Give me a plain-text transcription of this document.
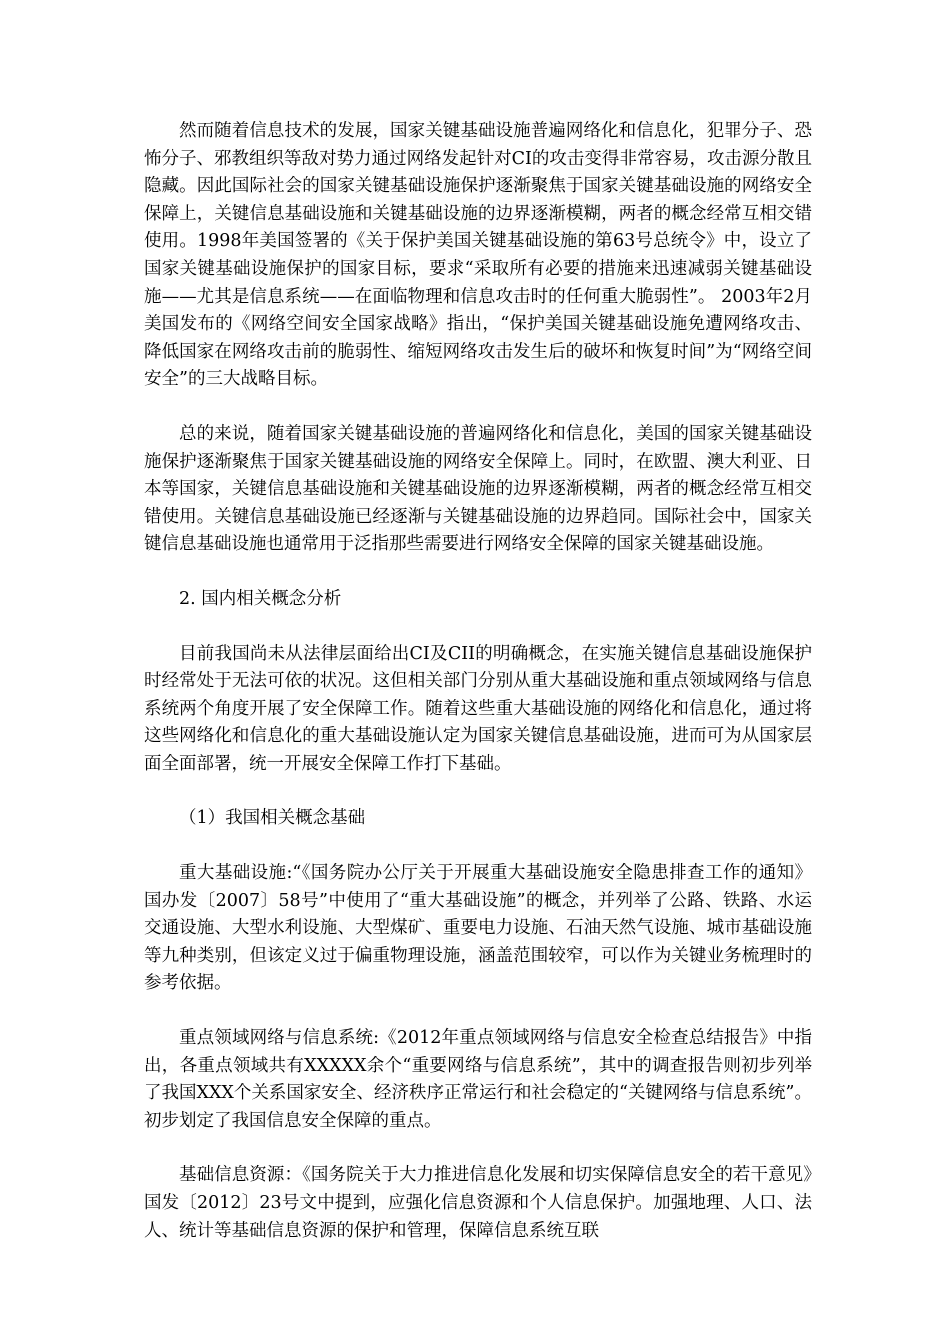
然而随着信息技术的发展，国家关键基础设施普遍网络化和信息化，犯罪分子、恐怖分子、邪教组织等敌对势力通过网络发起针对CI的攻击变得非常容易，攻击源分散且隐藏。因此国际社会的国家关键基础设施保护逐渐聚焦于国家关键基础设施的网络安全保障上，关键信息基础设施和关键基础设施的边界逐渐模糊，两者的概念经常互相交错使用。1998年美国签署的《关于保护美国关键基础设施的第63号总统令》中，设立了国家关键基础设施保护的国家目标，要求“采取所有必要的措施来迅速减弱关键基础设施——尤其是信息系统——在面临物理和信息攻击时的任何重大脆弱性”。 2003年2月美国发布的《网络空间安全国家战略》指出，“保护美国关键基础设施免遭网络攻击、降低国家在网络攻击前的脆弱性、缩短网络攻击发生后的破坏和恢复时间”为“网络空间安全”的三大战略目标。

总的来说，随着国家关键基础设施的普遍网络化和信息化，美国的国家关键基础设施保护逐渐聚焦于国家关键基础设施的网络安全保障上。同时，在欧盟、澳大利亚、日本等国家，关键信息基础设施和关键基础设施的边界逐渐模糊，两者的概念经常互相交错使用。关键信息基础设施已经逐渐与关键基础设施的边界趋同。国际社会中，国家关键信息基础设施也通常用于泛指那些需要进行网络安全保障的国家关键基础设施。

2. 国内相关概念分析

目前我国尚未从法律层面给出CI及CII的明确概念，在实施关键信息基础设施保护时经常处于无法可依的状况。这但相关部门分别从重大基础设施和重点领域网络与信息系统两个角度开展了安全保障工作。随着这些重大基础设施的网络化和信息化，通过将这些网络化和信息化的重大基础设施认定为国家关键信息基础设施，进而可为从国家层面全面部署，统一开展安全保障工作打下基础。

（1）我国相关概念基础

重大基础设施:“《国务院办公厅关于开展重大基础设施安全隐患排查工作的通知》国办发〔2007〕58号”中使用了“重大基础设施”的概念，并列举了公路、铁路、水运交通设施、大型水利设施、大型煤矿、重要电力设施、石油天然气设施、城市基础设施等九种类别，但该定义过于偏重物理设施，涵盖范围较窄，可以作为关键业务梳理时的参考依据。

重点领域网络与信息系统:《2012年重点领域网络与信息安全检查总结报告》中指出，各重点领域共有XXXXX余个“重要网络与信息系统”，其中的调查报告则初步列举了我国XXX个关系国家安全、经济秩序正常运行和社会稳定的“关键网络与信息系统”。初步划定了我国信息安全保障的重点。

基础信息资源：《国务院关于大力推进信息化发展和切实保障信息安全的若干意见》国发〔2012〕23号文中提到，应强化信息资源和个人信息保护。加强地理、人口、法人、统计等基础信息资源的保护和管理，保障信息系统互联
